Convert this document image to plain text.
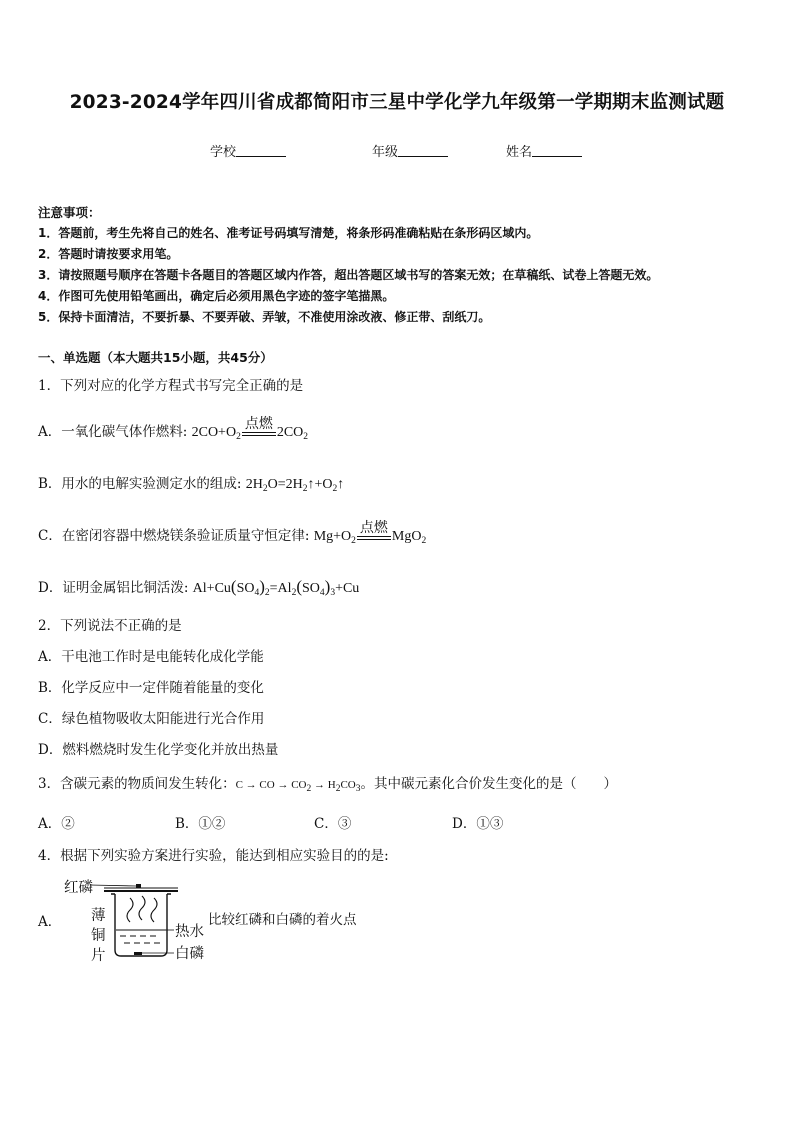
2023-2024学年四川省成都简阳市三星中学化学九年级第一学期期末监测试题
学校	年级	姓名
注意事项：
1．答题前，考生先将自己的姓名、准考证号码填写清楚，将条形码准确粘贴在条形码区域内。
2．答题时请按要求用笔。
3．请按照题号顺序在答题卡各题目的答题区域内作答，超出答题区域书写的答案无效；在草稿纸、试卷上答题无效。
4．作图可先使用铅笔画出，确定后必须用黑色字迹的签字笔描黑。
5．保持卡面清洁，不要折暴、不要弄破、弄皱，不准使用涂改液、修正带、刮纸刀。
一、单选题（本大题共15小题，共45分）
1．下列对应的化学方程式书写完全正确的是
A．一氧化碳气体作燃料: $2CO+O_2$
点燃
$2CO_2$
B．用水的电解实验测定水的组成: $2H_2O=2H_2↑+O_2↑$
C．在密闭容器中燃烧镁条验证质量守恒定律: $Mg+O_2$
点燃
MgO$_2$
D．证明金属铝比铜活泼: $Al+Cu(SO_4)_2=Al_2(SO_4)_3+Cu$
2．下列说法不正确的是
A．干电池工作时是电能转化成化学能
B．化学反应中一定伴随着能量的变化
C．绿色植物吸收太阳能进行光合作用
D．燃料燃烧时发生化学变化并放出热量
3．含碳元素的物质间发生转化：C → CO → $CO_2 \to H_2CO_3$。其中碳元素化合价发生变化的是（　　）
A．②	B．①②	C．③	D．①③
4．根据下列实验方案进行实验，能达到相应实验目的的是:
A．
红磷
薄
铜
片
热水
白磷
比较红磷和白磷的着火点
